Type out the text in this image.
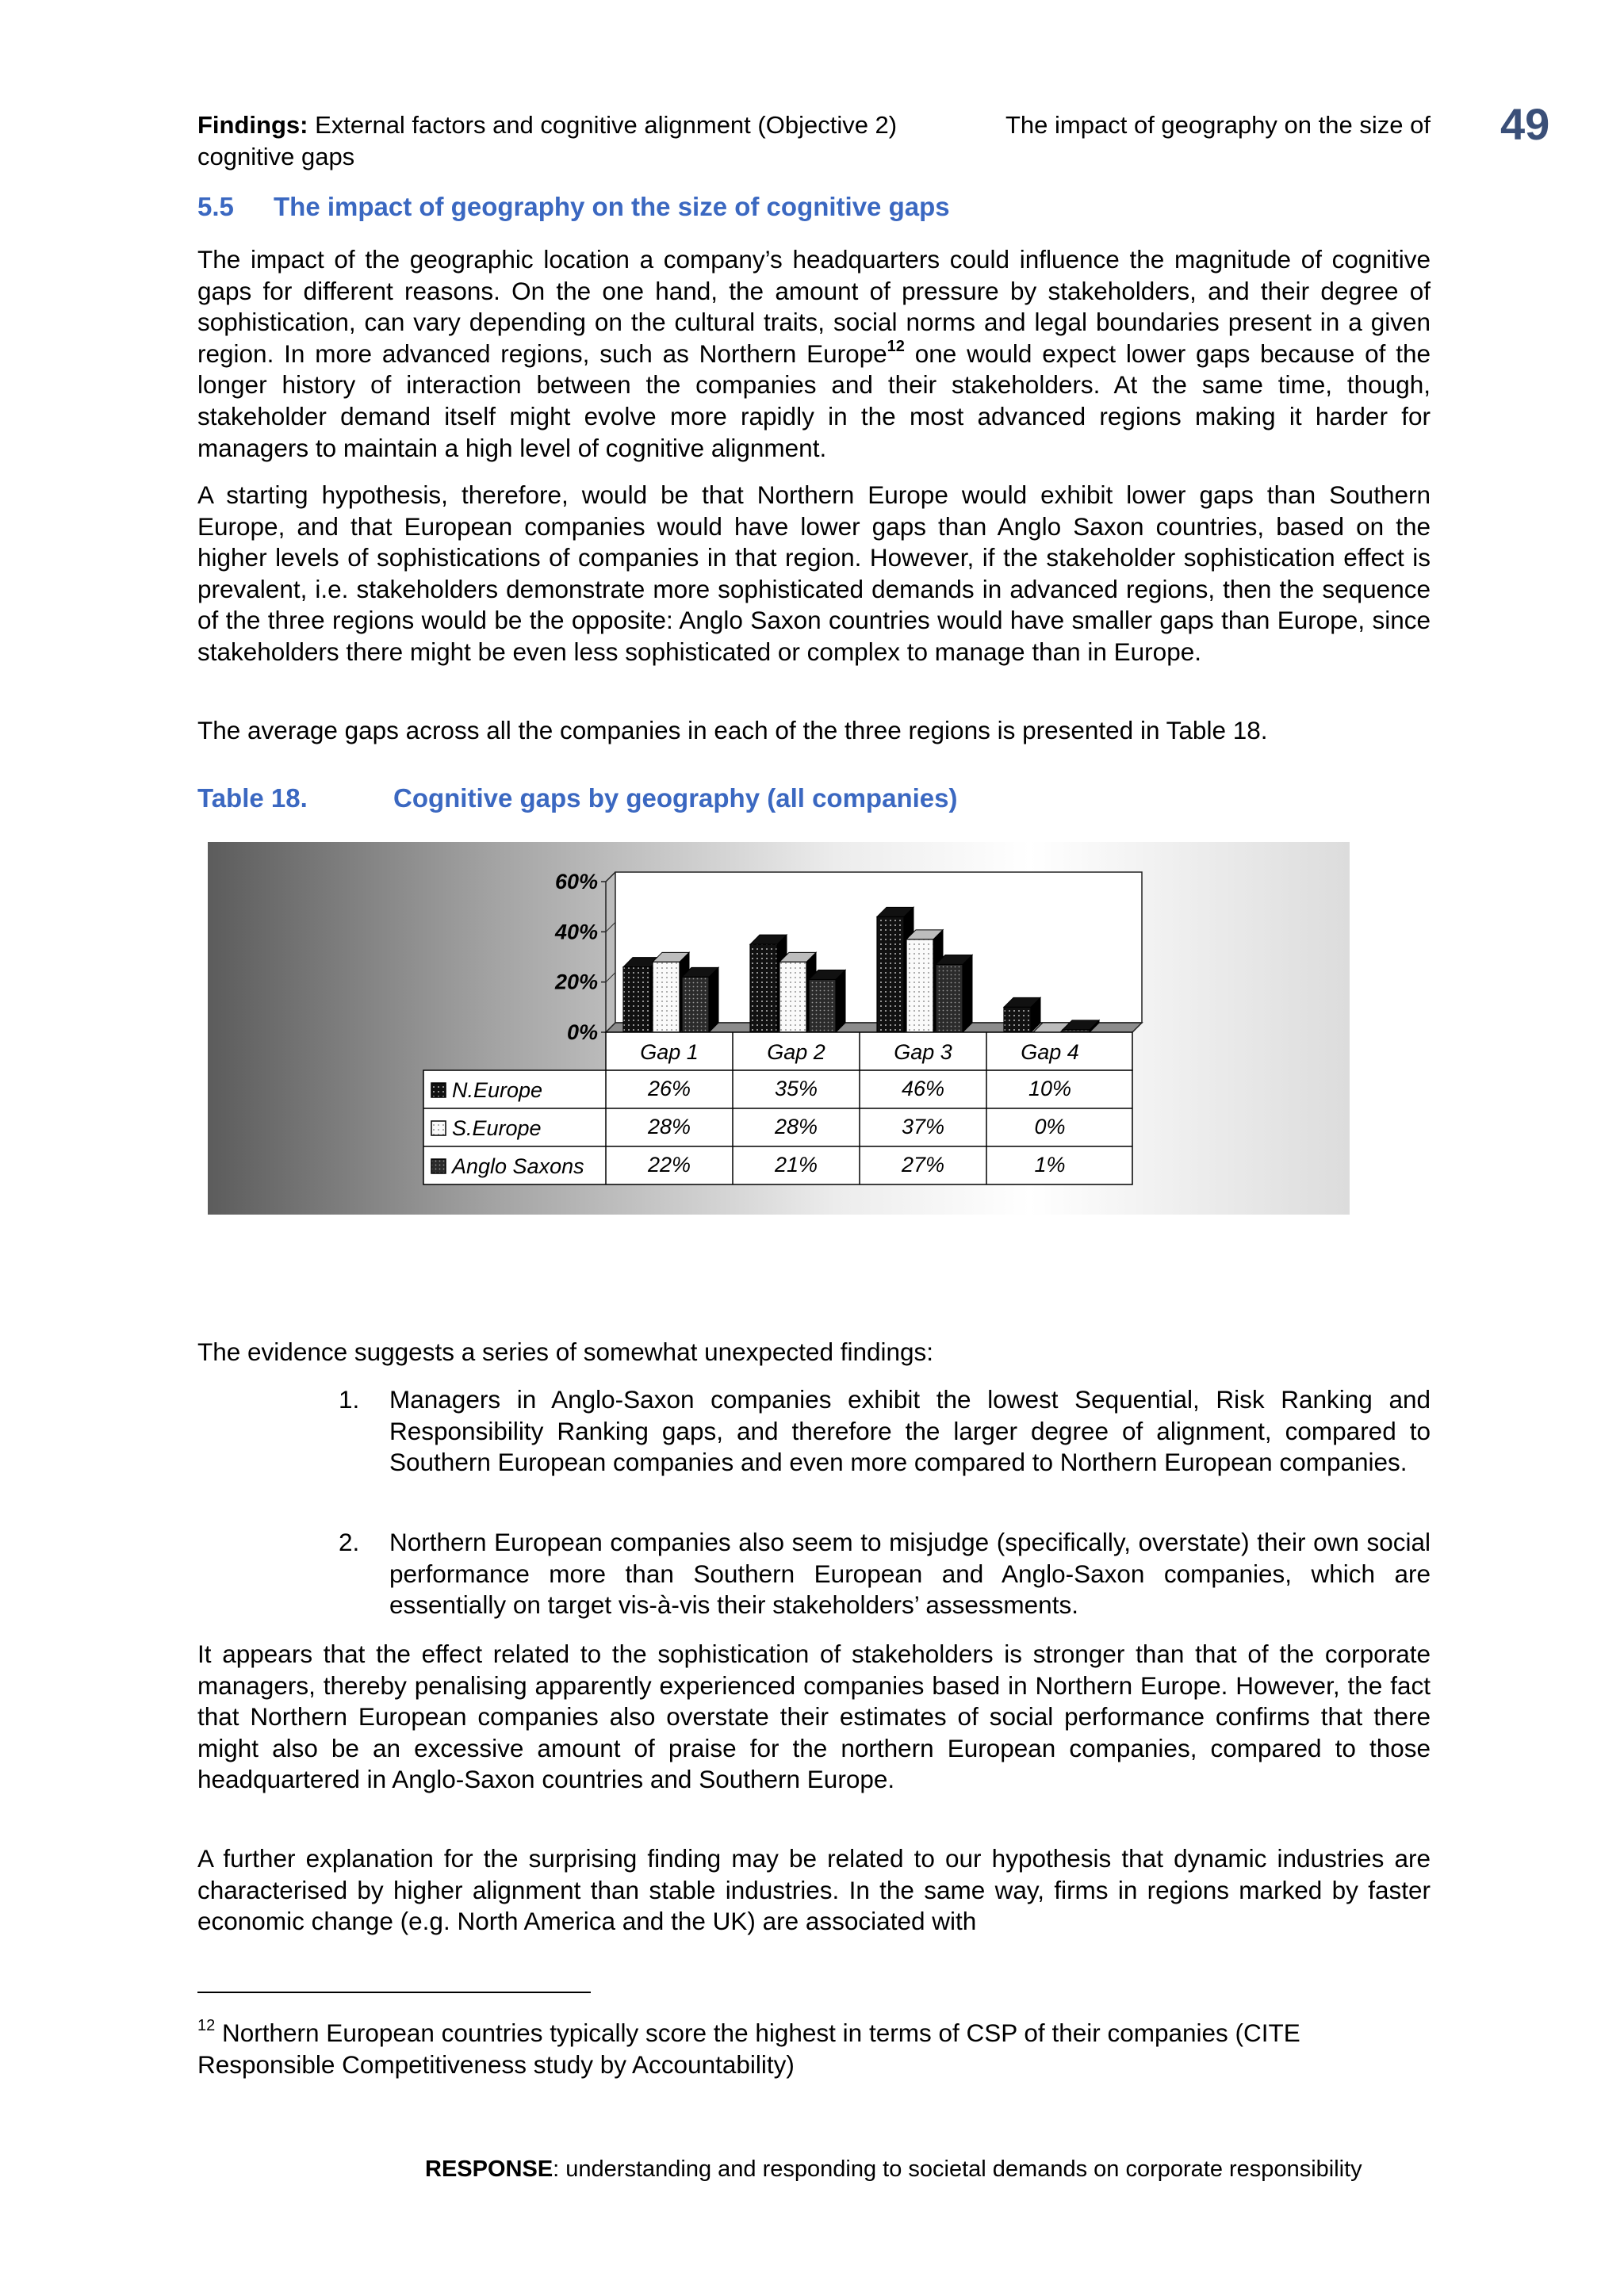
Findings: External factors and cognitive alignment (Objective 2)
cognitive gaps
The impact of geography on the size of 49
5.5 The impact of geography on the size of cognitive gaps

The impact of the geographic location a company’s headquarters could influence the magnitude of cognitive gaps for different reasons. On the one hand, the amount of pressure by stakeholders, and their degree of sophistication, can vary depending on the cultural traits, social norms and legal boundaries present in a given region. In more advanced regions, such as Northern Europe$^{12}$ one would expect lower gaps because of the longer history of interaction between the companies and their stakeholders. At the same time, though, stakeholder demand itself might evolve more rapidly in the most advanced regions making it harder for managers to maintain a high level of cognitive alignment.

A starting hypothesis, therefore, would be that Northern Europe would exhibit lower gaps than Southern Europe, and that European companies would have lower gaps than Anglo Saxon countries, based on the higher levels of sophistications of companies in that region. However, if the stakeholder sophistication effect is prevalent, i.e. stakeholders demonstrate more sophisticated demands in advanced regions, then the sequence of the three regions would be the opposite: Anglo Saxon countries would have smaller gaps than Europe, since stakeholders there might be even less sophisticated or complex to manage than in Europe.

The average gaps across all the companies in each of the three regions is presented in Table 18.

Table 18.	Cognitive gaps by geography (all companies)
0%
20%
40%
60%
Gap 1	Gap 2	Gap 3	Gap 4
N.Europe	26%	35%	46%	10%
S.Europe	28%	28%	37%	0%
Anglo Saxons	22%	21%	27%	1%

The evidence suggests a series of somewhat unexpected findings:

1. Managers in Anglo-Saxon companies exhibit the lowest Sequential, Risk Ranking and Responsibility Ranking gaps, and therefore the larger degree of alignment, compared to Southern European companies and even more compared to Northern European companies.
2. Northern European companies also seem to misjudge (specifically, overstate) their own social performance more than Southern European and Anglo-Saxon companies, which are essentially on target vis-à-vis their stakeholders’ assessments.

It appears that the effect related to the sophistication of stakeholders is stronger than that of the corporate managers, thereby penalising apparently experienced companies based in Northern Europe. However, the fact that Northern European companies also overstate their estimates of social performance confirms that there might also be an excessive amount of praise for the northern European companies, compared to those headquartered in Anglo-Saxon countries and Southern Europe.

A further explanation for the surprising finding may be related to our hypothesis that dynamic industries are characterised by higher alignment than stable industries. In the same way, firms in regions marked by faster economic change (e.g. North America and the UK) are associated with

$^{12}$ Northern European countries typically score the highest in terms of CSP of their companies (CITE Responsible Competitiveness study by Accountability)
RESPONSE: understanding and responding to societal demands on corporate responsibility
